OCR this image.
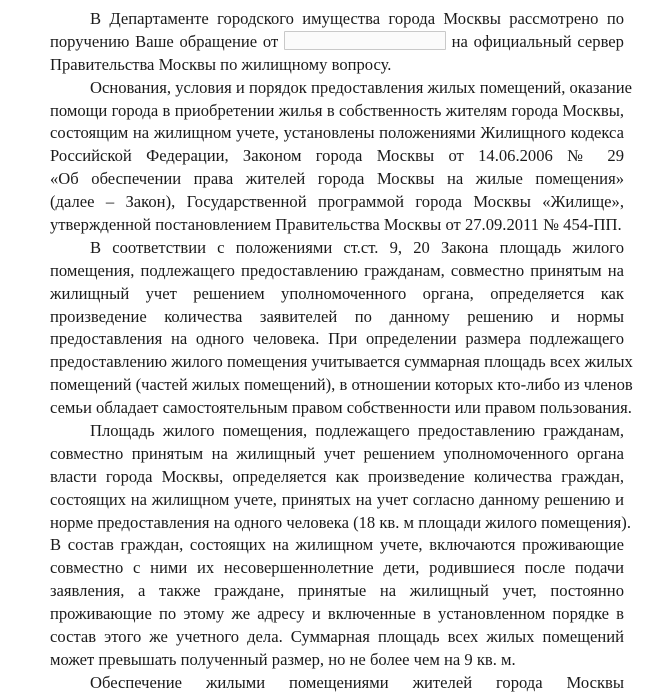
В Департаменте городского имущества города Москвы рассмотрено по
поручению Ваше обращение от	на официальный сервер
Правительства Москвы по жилищному вопросу.
Основания, условия и порядок предоставления жилых помещений, оказание
помощи города в приобретении жилья в собственность жителям города Москвы,
состоящим на жилищном учете, установлены положениями Жилищного кодекса
Российской Федерации, Законом города Москвы от 14.06.2006 № 29
«Об обеспечении права жителей города Москвы на жилые помещения»
(далее – Закон), Государственной программой города Москвы «Жилище»,
утвержденной постановлением Правительства Москвы от 27.09.2011 № 454-ПП.
В соответствии с положениями ст.ст. 9, 20 Закона площадь жилого
помещения, подлежащего предоставлению гражданам, совместно принятым на
жилищный учет решением уполномоченного органа, определяется как
произведение количества заявителей по данному решению и нормы
предоставления на одного человека. При определении размера подлежащего
предоставлению жилого помещения учитывается суммарная площадь всех жилых
помещений (частей жилых помещений), в отношении которых кто-либо из членов
семьи обладает самостоятельным правом собственности или правом пользования.
Площадь жилого помещения, подлежащего предоставлению гражданам,
совместно принятым на жилищный учет решением уполномоченного органа
власти города Москвы, определяется как произведение количества граждан,
состоящих на жилищном учете, принятых на учет согласно данному решению и
норме предоставления на одного человека (18 кв. м площади жилого помещения).
В состав граждан, состоящих на жилищном учете, включаются проживающие
совместно с ними их несовершеннолетние дети, родившиеся после подачи
заявления, а также граждане, принятые на жилищный учет, постоянно
проживающие по этому же адресу и включенные в установленном порядке в
состав этого же учетного дела. Суммарная площадь всех жилых помещений
может превышать полученный размер, но не более чем на 9 кв. м.
Обеспечение жилыми помещениями жителей города Москвы
